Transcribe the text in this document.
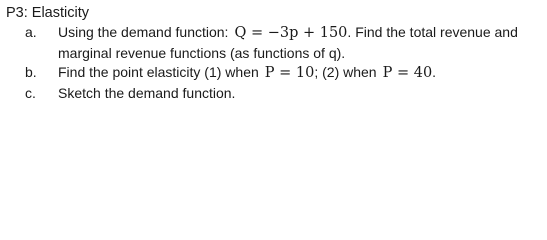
P3: Elasticity
a. Using the demand function: Q = −3p + 150. Find the total revenue and
marginal revenue functions (as functions of q).
b. Find the point elasticity (1) when P = 10; (2) when P = 40.
c. Sketch the demand function.
